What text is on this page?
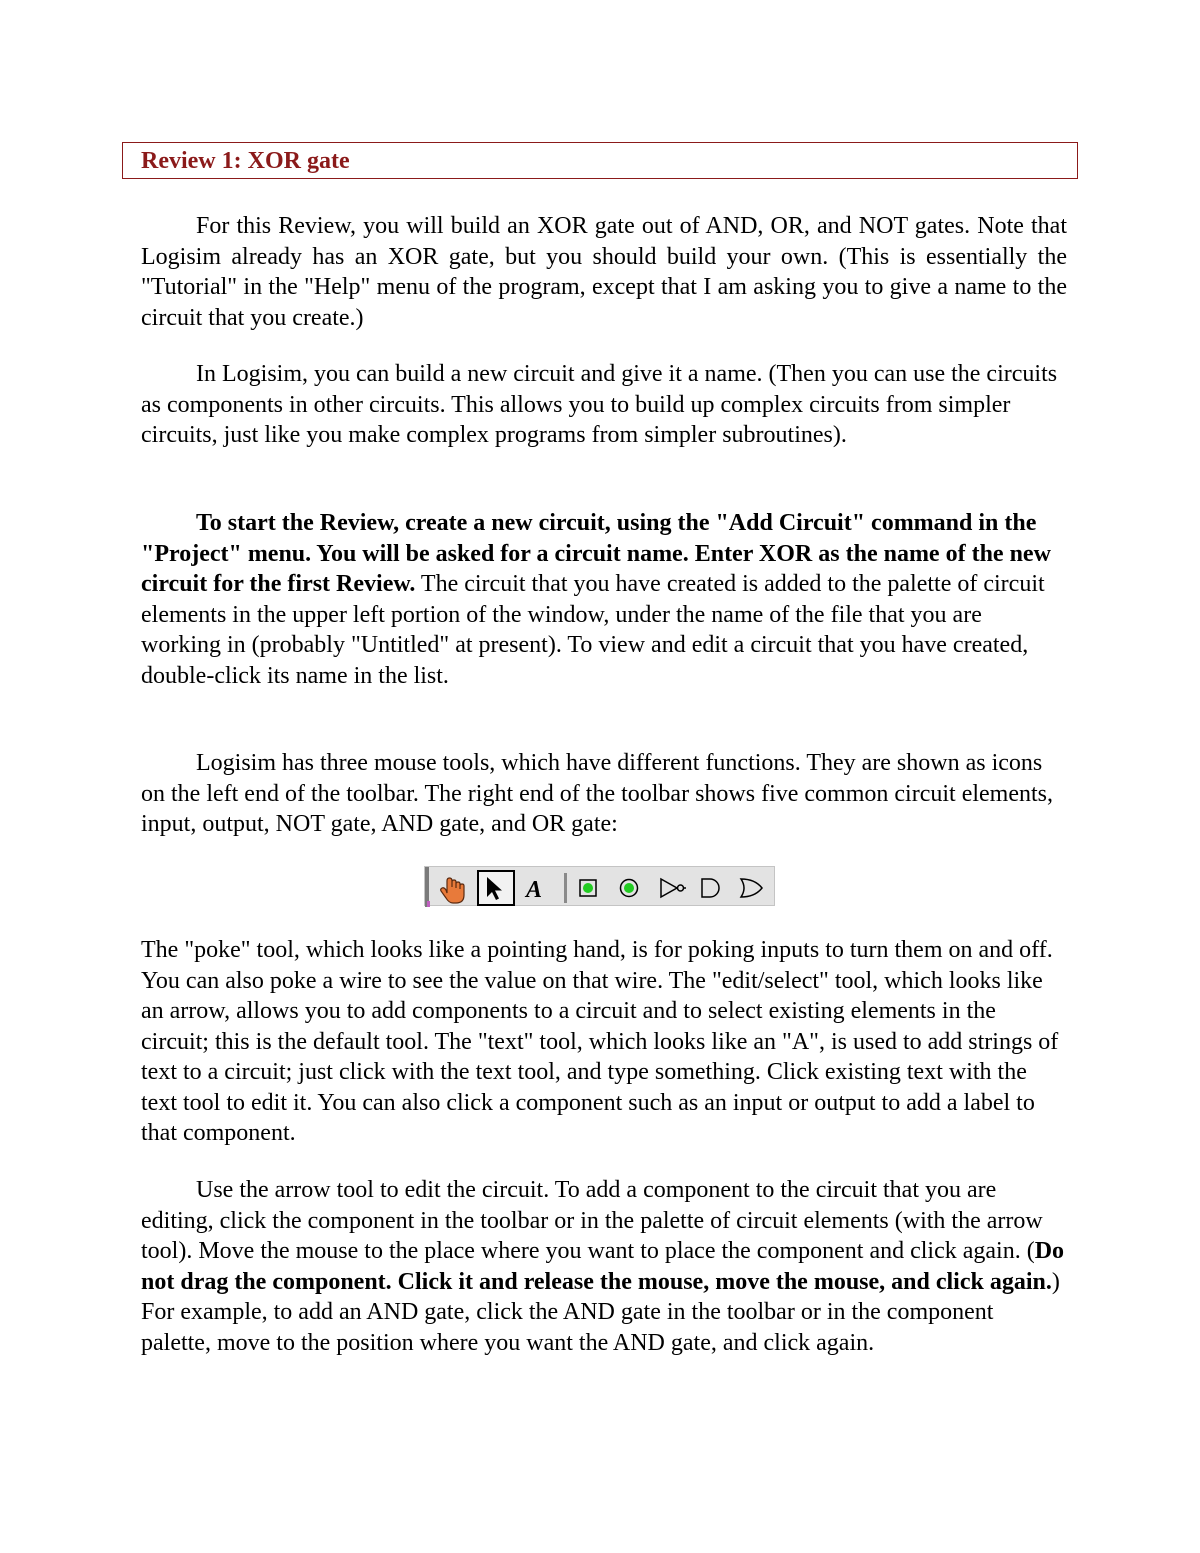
Review 1: XOR gate

For this Review, you will build an XOR gate out of AND, OR, and NOT gates. Note that Logisim already has an XOR gate, but you should build your own. (This is essentially the "Tutorial" in the "Help" menu of the program, except that I am asking you to give a name to the circuit that you create.)

In Logisim, you can build a new circuit and give it a name. (Then you can use the circuits as components in other circuits. This allows you to build up complex circuits from simpler circuits, just like you make complex programs from simpler subroutines).

To start the Review, create a new circuit, using the "Add Circuit" command in the "Project" menu. You will be asked for a circuit name. Enter XOR as the name of the new circuit for the first Review. The circuit that you have created is added to the palette of circuit elements in the upper left portion of the window, under the name of the file that you are working in (probably "Untitled" at present). To view and edit a circuit that you have created, double-click its name in the list.

Logisim has three mouse tools, which have different functions. They are shown as icons on the left end of the toolbar. The right end of the toolbar shows five common circuit elements, input, output, NOT gate, AND gate, and OR gate:

A

The "poke" tool, which looks like a pointing hand, is for poking inputs to turn them on and off. You can also poke a wire to see the value on that wire. The "edit/select" tool, which looks like an arrow, allows you to add components to a circuit and to select existing elements in the circuit; this is the default tool. The "text" tool, which looks like an "A", is used to add strings of text to a circuit; just click with the text tool, and type something. Click existing text with the text tool to edit it. You can also click a component such as an input or output to add a label to that component.

Use the arrow tool to edit the circuit. To add a component to the circuit that you are editing, click the component in the toolbar or in the palette of circuit elements (with the arrow tool). Move the mouse to the place where you want to place the component and click again. (Do not drag the component. Click it and release the mouse, move the mouse, and click again.) For example, to add an AND gate, click the AND gate in the toolbar or in the component palette, move to the position where you want the AND gate, and click again.
